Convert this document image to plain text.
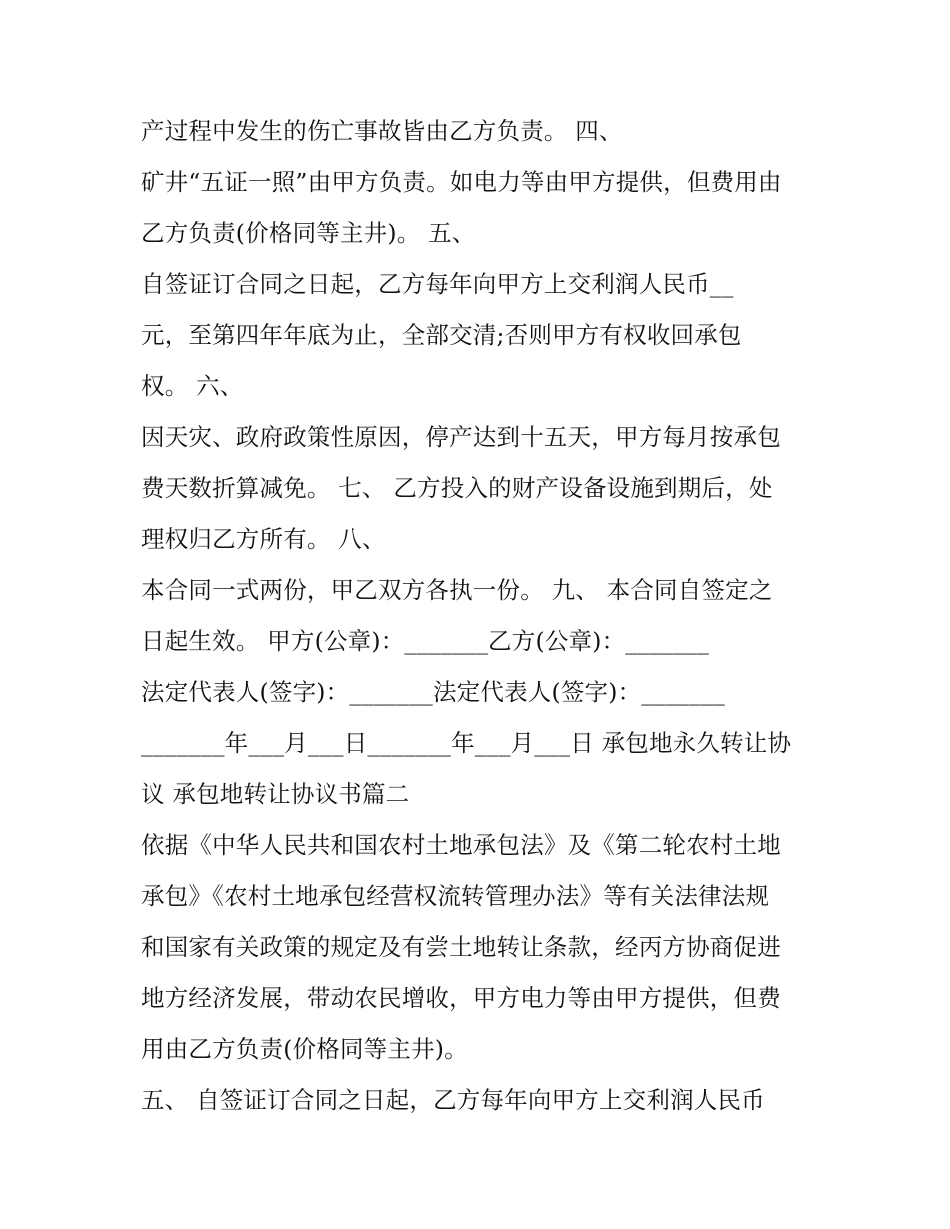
产过程中发生的伤亡事故皆由乙方负责。 四、
矿井“五证一照”由甲方负责。如电力等由甲方提供，但费用由
乙方负责(价格同等主井)。 五、
自签证订合同之日起，乙方每年向甲方上交利润人民币__
元，至第四年年底为止，全部交清;否则甲方有权收回承包
权。 六、
因天灾、政府政策性原因，停产达到十五天，甲方每月按承包
费天数折算减免。 七、 乙方投入的财产设备设施到期后，处
理权归乙方所有。 八、
本合同一式两份，甲乙双方各执一份。 九、 本合同自签定之
日起生效。 甲方(公章)：_______乙方(公章)：_______
法定代表人(签字)：_______法定代表人(签字)：_______
_______年___月___日_______年___月___日 承包地永久转让协
议 承包地转让协议书篇二
依据《中华人民共和国农村土地承包法》及《第二轮农村土地
承包》《农村土地承包经营权流转管理办法》等有关法律法规
和国家有关政策的规定及有尝土地转让条款，经丙方协商促进
地方经济发展，带动农民增收，甲方电力等由甲方提供，但费
用由乙方负责(价格同等主井)。
五、 自签证订合同之日起，乙方每年向甲方上交利润人民币
